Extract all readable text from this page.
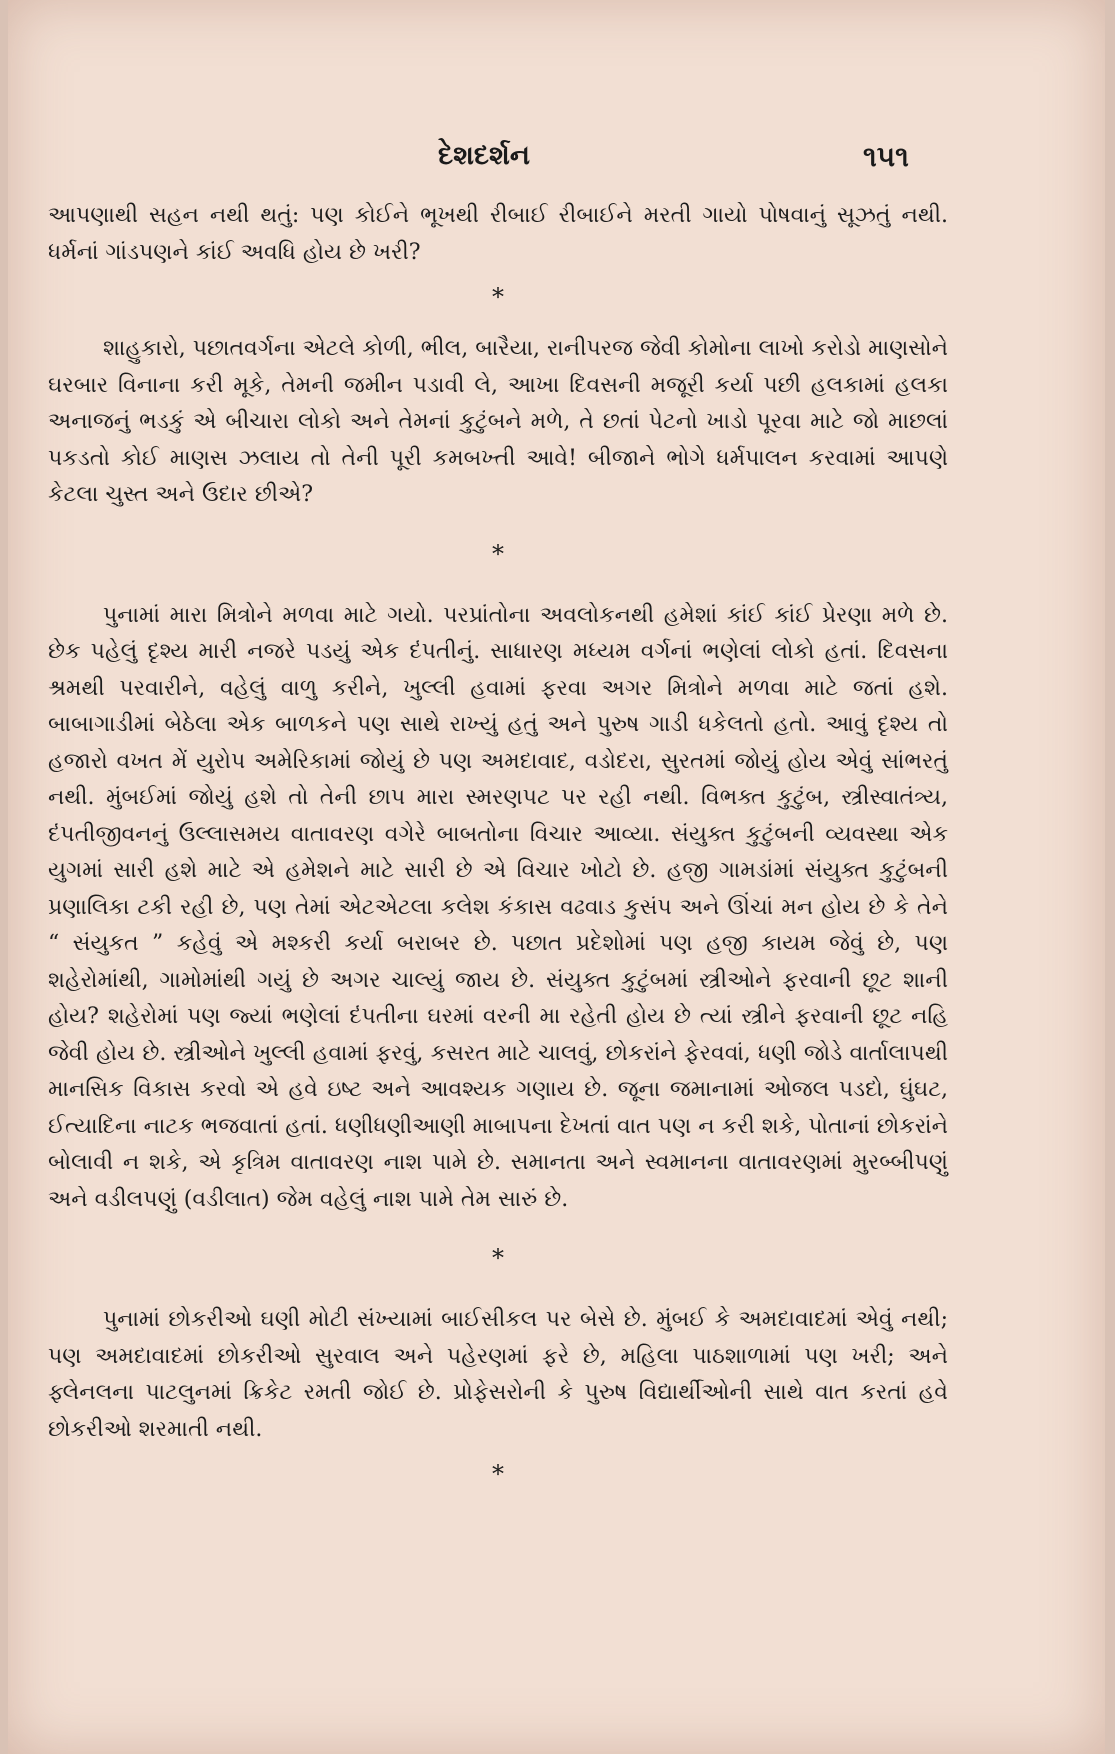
દેશદર્શન	૧૫૧

આપણાથી સહન નથી થતું: પણ કોઈને ભૂખથી રીબાઈ રીબાઈને મરતી ગાયો પોષવાનું સૂઝતું નથી. ધર્મનાં ગાંડપણને કાંઈ અવધિ હોય છે ખરી?

*

શાહુકારો, પછાતવર્ગના એટલે કોળી, ભીલ, બારૈયા, રાનીપરજ જેવી કોમોના લાખો કરોડો માણસોને ઘરબાર વિનાના કરી મૂકે, તેમની જમીન પડાવી લે, આખા દિવસની મજૂરી કર્યા પછી હલકામાં હલકા અનાજનું ભડકું એ બીચારા લોકો અને તેમનાં કુટુંબને મળે, તે છતાં પેટનો ખાડો પૂરવા માટે જો માછલાં પકડતો કોઈ માણસ ઝલાય તો તેની પૂરી કમબખ્તી આવે! બીજાને ભોગે ધર્મપાલન કરવામાં આપણે કેટલા ચુસ્ત અને ઉદાર છીએ?

*

પુનામાં મારા મિત્રોને મળવા માટે ગયો. પરપ્રાંતોના અવલોકનથી હમેશાં કાંઈ કાંઈ પ્રેરણા મળે છે. છેક પહેલું દૃશ્ય મારી નજરે પડયું એક દંપતીનું. સાધારણ મધ્યમ વર્ગનાં ભણેલાં લોકો હતાં. દિવસના શ્રમથી પરવારીને, વહેલું વાળુ કરીને, ખુલ્લી હવામાં ફરવા અગર મિત્રોને મળવા માટે જતાં હશે. બાબાગાડીમાં બેઠેલા એક બાળકને પણ સાથે રાખ્યું હતું અને પુરુષ ગાડી ધકેલતો હતો. આવું દૃશ્ય તો હજારો વખત મેં યુરોપ અમેરિકામાં જોયું છે પણ અમદાવાદ, વડોદરા, સુરતમાં જોયું હોય એવું સાંભરતું નથી. મુંબઈમાં જોયું હશે તો તેની છાપ મારા સ્મરણપટ પર રહી નથી. વિભક્ત કુટુંબ, સ્ત્રીસ્વાતંત્ર્ય, દંપતીજીવનનું ઉલ્લાસમય વાતાવરણ વગેરે બાબતોના વિચાર આવ્યા. સંયુક્ત કુટુંબની વ્યવસ્થા એક યુગમાં સારી હશે માટે એ હમેશને માટે સારી છે એ વિચાર ખોટો છે. હજી ગામડાંમાં સંયુક્ત કુટુંબની પ્રણાલિકા ટકી રહી છે, પણ તેમાં એટએટલા કલેશ કંકાસ વઢવાડ કુસંપ અને ઊંચાં મન હોય છે કે તેને “ સંયુકત ” કહેવું એ મશ્કરી કર્યા બરાબર છે. પછાત પ્રદેશોમાં પણ હજી કાયમ જેવું છે, પણ શહેરોમાંથી, ગામોમાંથી ગયું છે અગર ચાલ્યું જાય છે. સંયુક્ત કુટુંબમાં સ્ત્રીઓને ફરવાની છૂટ શાની હોય? શહેરોમાં પણ જ્યાં ભણેલાં દંપતીના ઘરમાં વરની મા રહેતી હોય છે ત્યાં સ્ત્રીને ફરવાની છૂટ નહિ જેવી હોય છે. સ્ત્રીઓને ખુલ્લી હવામાં ફરવું, કસરત માટે ચાલવું, છોકરાંને ફેરવવાં, ધણી જોડે વાર્તાલાપથી માનસિક વિકાસ કરવો એ હવે ઇષ્ટ અને આવશ્યક ગણાય છે. જૂના જમાનામાં ઓજલ પડદો, ઘુંઘટ, ઈત્યાદિના નાટક ભજવાતાં હતાં. ધણીધણીઆણી માબાપના દેખતાં વાત પણ ન કરી શકે, પોતાનાં છોકરાંને બોલાવી ન શકે, એ કૃત્રિમ વાતાવરણ નાશ પામે છે. સમાનતા અને સ્વમાનના વાતાવરણમાં મુરબ્બીપણું અને વડીલપણું (વડીલાત) જેમ વહેલું નાશ પામે તેમ સારું છે.

*

પુનામાં છોકરીઓ ઘણી મોટી સંખ્યામાં બાઈસીકલ પર બેસે છે. મુંબઈ કે અમદાવાદમાં એવું નથી; પણ અમદાવાદમાં છોકરીઓ સુરવાલ અને પહેરણમાં ફરે છે, મહિલા પાઠશાળામાં પણ ખરી; અને ફ્લેનલના પાટલુનમાં ક્રિકેટ રમતી જોઈ છે. પ્રોફેસરોની કે પુરુષ વિદ્યાર્થીઓની સાથે વાત કરતાં હવે છોકરીઓ શરમાતી નથી.

*
